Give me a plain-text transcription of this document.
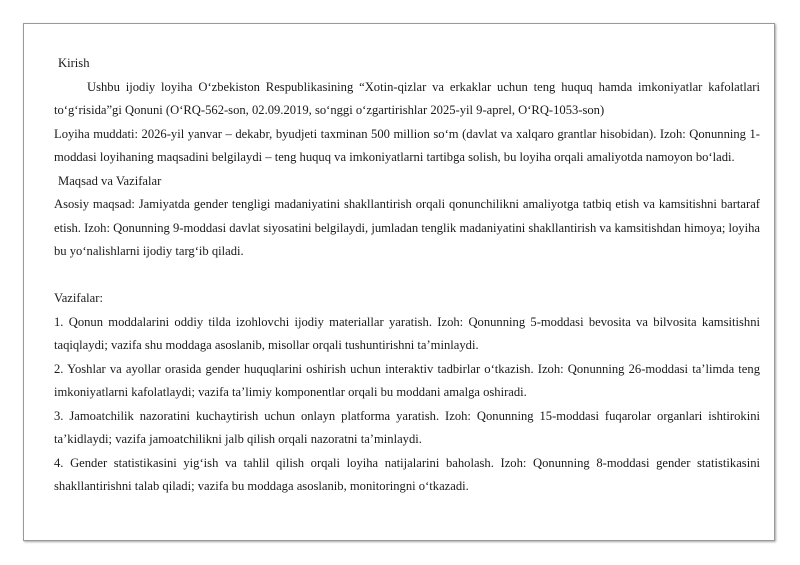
Kirish

Ushbu ijodiy loyiha O‘zbekiston Respublikasining “Xotin-qizlar va erkaklar uchun teng huquq hamda imkoniyatlar kafolatlari to‘g‘risida”gi Qonuni (O‘RQ-562-son, 02.09.2019, so‘nggi o‘zgartirishlar 2025-yil 9-aprel, O‘RQ-1053-son)

Loyiha muddati: 2026-yil yanvar – dekabr, byudjeti taxminan 500 million so‘m (davlat va xalqaro grantlar hisobidan). Izoh: Qonunning 1-moddasi loyihaning maqsadini belgilaydi – teng huquq va imkoniyatlarni tartibga solish, bu loyiha orqali amaliyotda namoyon bo‘ladi.

Maqsad va Vazifalar

Asosiy maqsad: Jamiyatda gender tengligi madaniyatini shakllantirish orqali qonunchilikni amaliyotga tatbiq etish va kamsitishni bartaraf etish. Izoh: Qonunning 9-moddasi davlat siyosatini belgilaydi, jumladan tenglik madaniyatini shakllantirish va kamsitishdan himoya; loyiha bu yo‘nalishlarni ijodiy targ‘ib qiladi.

Vazifalar:

1. Qonun moddalarini oddiy tilda izohlovchi ijodiy materiallar yaratish. Izoh: Qonunning 5-moddasi bevosita va bilvosita kamsitishni taqiqlaydi; vazifa shu moddaga asoslanib, misollar orqali tushuntirishni ta’minlaydi.

2. Yoshlar va ayollar orasida gender huquqlarini oshirish uchun interaktiv tadbirlar o‘tkazish. Izoh: Qonunning 26-moddasi ta’limda teng imkoniyatlarni kafolatlaydi; vazifa ta’limiy komponentlar orqali bu moddani amalga oshiradi.

3. Jamoatchilik nazoratini kuchaytirish uchun onlayn platforma yaratish. Izoh: Qonunning 15-moddasi fuqarolar organlari ishtirokini ta’kidlaydi; vazifa jamoatchilikni jalb qilish orqali nazoratni ta’minlaydi.

4. Gender statistikasini yig‘ish va tahlil qilish orqali loyiha natijalarini baholash. Izoh: Qonunning 8-moddasi gender statistikasini shakllantirishni talab qiladi; vazifa bu moddaga asoslanib, monitoringni o‘tkazadi.
